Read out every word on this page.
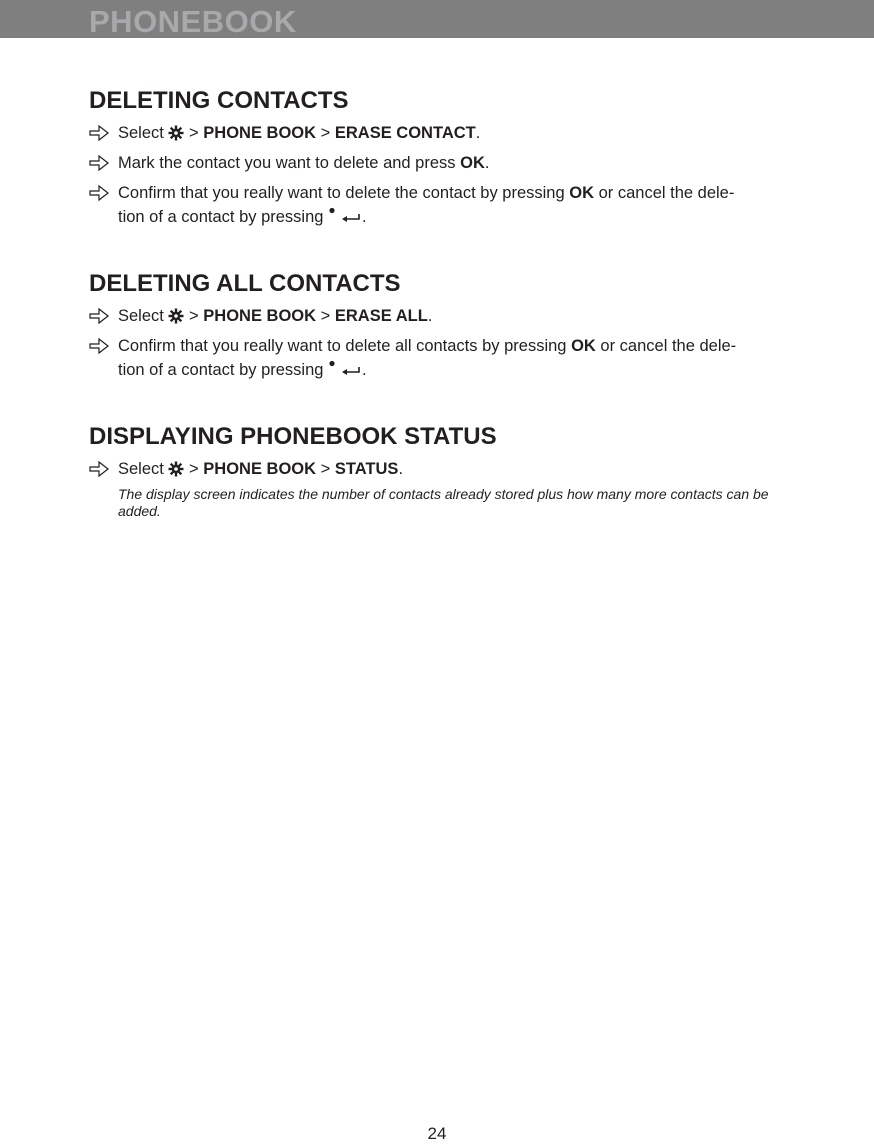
PHONEBOOK
DELETING CONTACTS
Select > PHONE BOOK > ERASE CONTACT.
Mark the contact you want to delete and press OK.
Confirm that you really want to delete the contact by pressing OK or cancel the dele-
tion of a contact by pressing .
DELETING ALL CONTACTS
Select > PHONE BOOK > ERASE ALL.
Confirm that you really want to delete all contacts by pressing OK or cancel the dele-
tion of a contact by pressing .
DISPLAYING PHONEBOOK STATUS
Select > PHONE BOOK > STATUS.
The display screen indicates the number of contacts already stored plus how many more contacts can be added.
24
